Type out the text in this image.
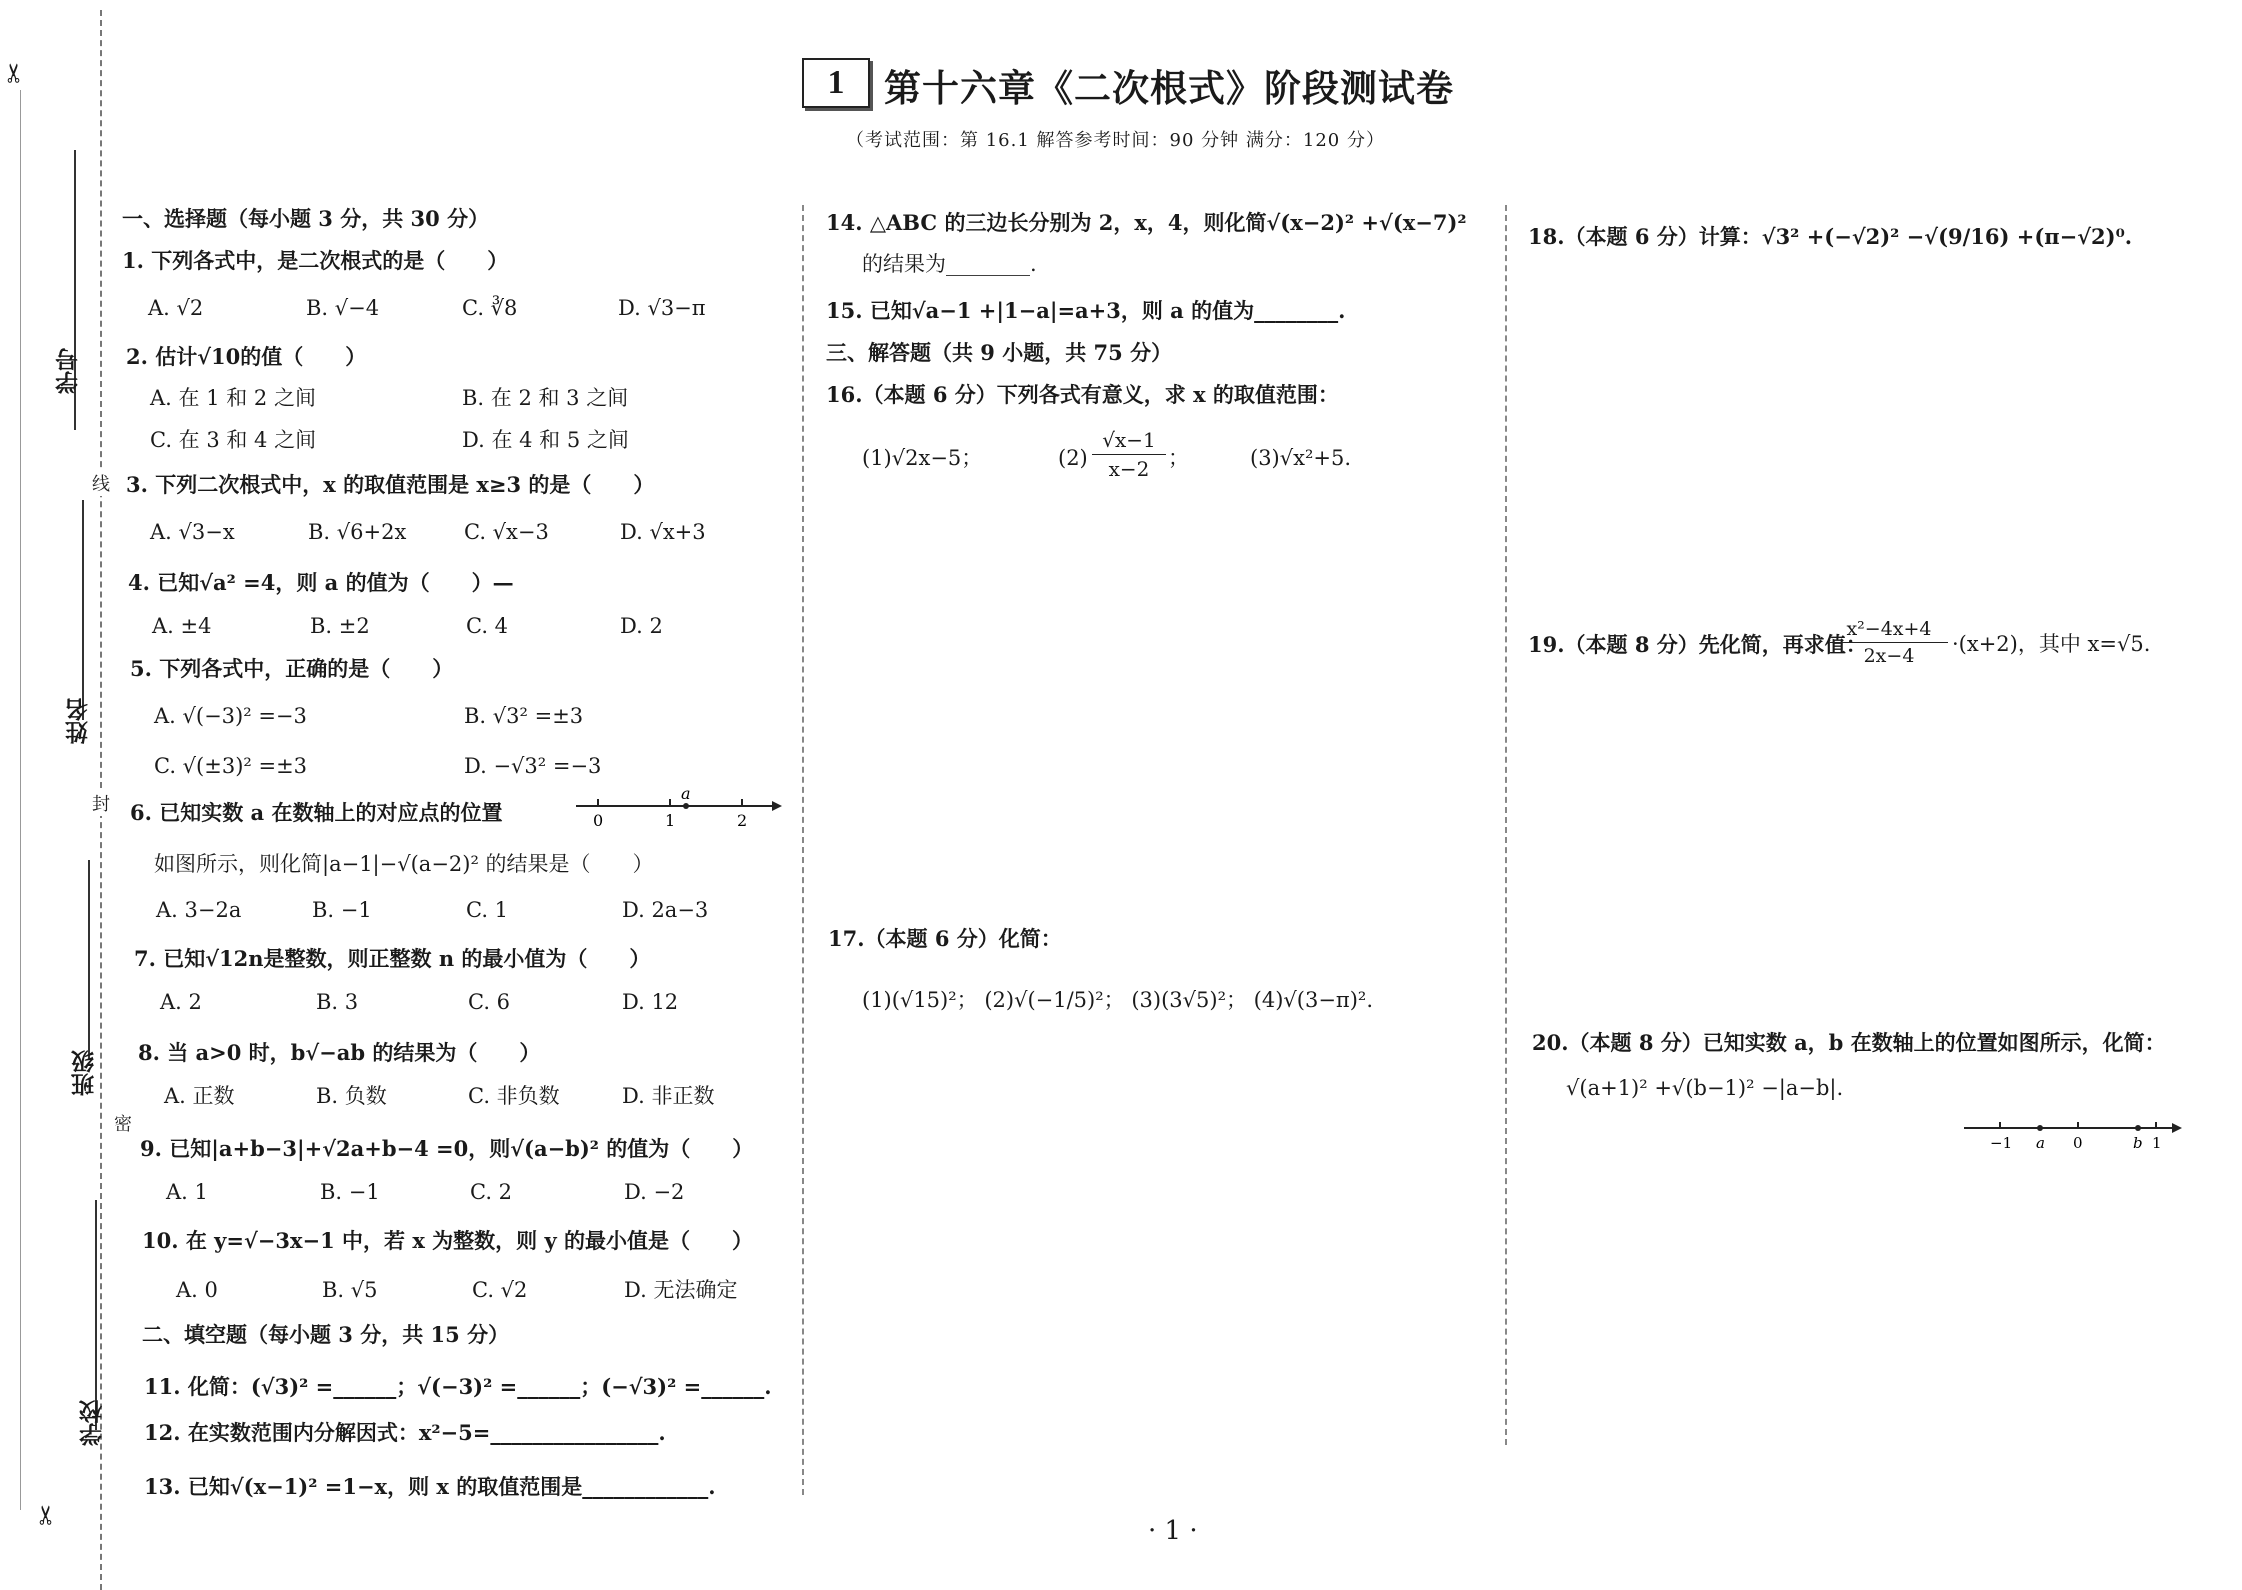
✂
✂
学号
姓名
班级
学校
线
封
密
1	第十六章《二次根式》阶段测试卷
（考试范围：第 16.1 解答参考时间：90 分钟 满分：120 分）
一、选择题（每小题 3 分，共 30 分）
1. 下列各式中，是二次根式的是（　　）
A. √2	B. √−4	C. ∛8	D. √3−π
2. 估计√10的值（　　）
A. 在 1 和 2 之间	B. 在 2 和 3 之间
C. 在 3 和 4 之间	D. 在 4 和 5 之间
3. 下列二次根式中，x 的取值范围是 x≥3 的是（　　）
A. √3−x	B. √6+2x	C. √x−3	D. √x+3
4. 已知√a² =4，则 a 的值为（　　）—
A. ±4	B. ±2	C. 4	D. 2
5. 下列各式中，正确的是（　　）
A. √(−3)² =−3	B. √3² =±3
C. √(±3)² =±3	D. −√3² =−3
6. 已知实数 a 在数轴上的对应点的位置	0	1	2
a
如图所示，则化简|a−1|−√(a−2)² 的结果是（　　）
A. 3−2a	B. −1	C. 1	D. 2a−3
7. 已知√12n是整数，则正整数 n 的最小值为（　　）
A. 2	B. 3	C. 6	D. 12
8. 当 a>0 时，b√−ab 的结果为（　　）
A. 正数	B. 负数	C. 非负数	D. 非正数
9. 已知|a+b−3|+√2a+b−4 =0，则√(a−b)² 的值为（　　）
A. 1	B. −1	C. 2	D. −2
10. 在 y=√−3x−1 中，若 x 为整数，则 y 的最小值是（　　）
A. 0	B. √5	C. √2	D. 无法确定
二、填空题（每小题 3 分，共 15 分）
11. 化简：(√3)² =______；√(−3)² =______；(−√3)² =______.
12. 在实数范围内分解因式：x²−5=________________.
13. 已知√(x−1)² =1−x，则 x 的取值范围是____________.
14. △ABC 的三边长分别为 2，x，4，则化简√(x−2)² +√(x−7)²
的结果为________.
15. 已知√a−1 +|1−a|=a+3，则 a 的值为________.
三、解答题（共 9 小题，共 75 分）
16.（本题 6 分）下列各式有意义，求 x 的取值范围：
(1)√2x−5；	$(2) \frac{√x-1}{x-2}$ ；	(3)√x²+5.
17.（本题 6 分）化简：
(1)(√15)²； (2)√(−1/5)²； (3)(3√5)²； (4)√(3−π)².
18.（本题 6 分）计算：√3² +(−√2)² −√(9/16) +(π−√2)⁰.
19.（本题 8 分）先化简，再求值：
$\frac{\text{x²−4x+4}}{2x-4} \cdot(x+2)$，其中 x=√5.
20.（本题 8 分）已知实数 a，b 在数轴上的位置如图所示，化简：
√(a+1)² +√(b−1)² −|a−b|.
−1 a 0	b 1
· 1 ·
